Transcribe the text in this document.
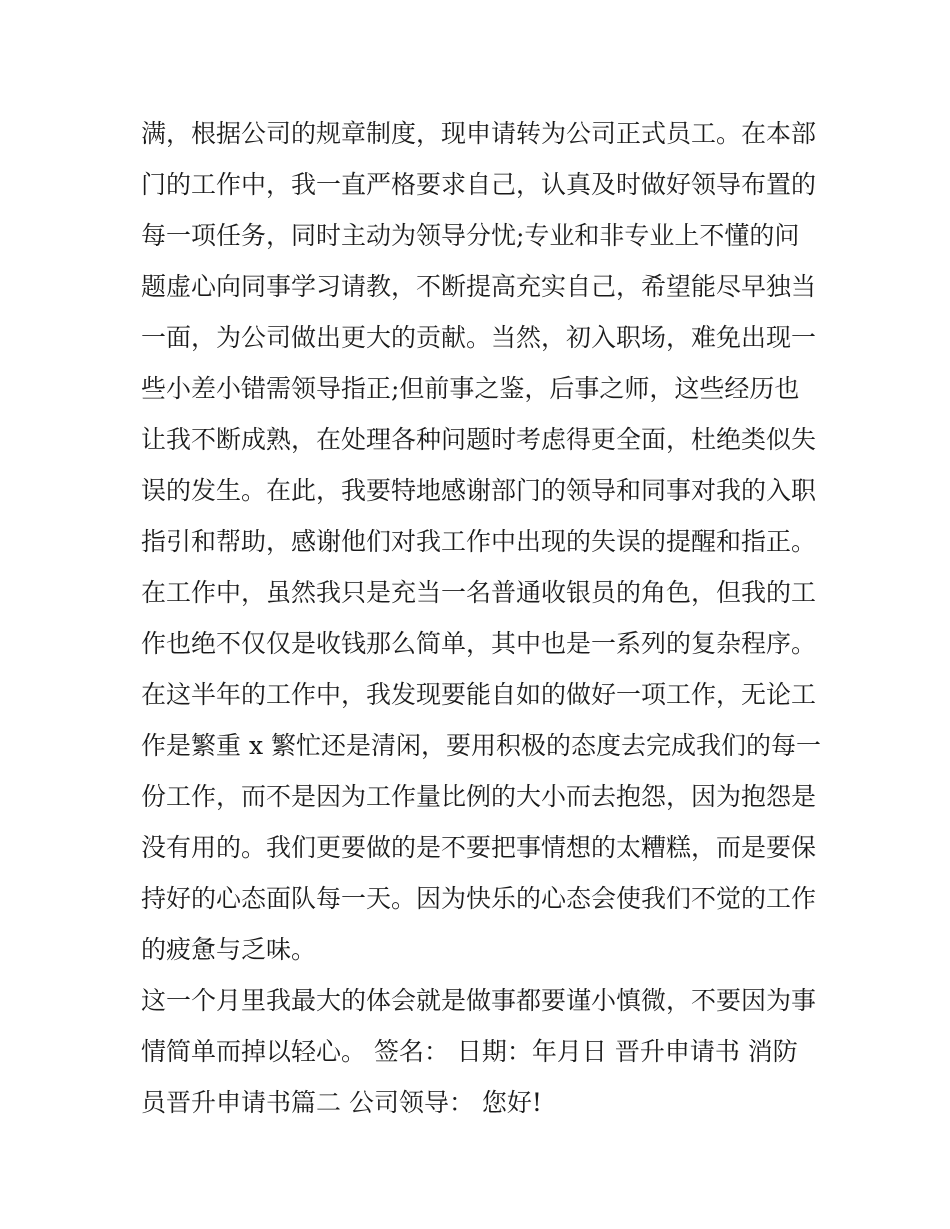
满，根据公司的规章制度，现申请转为公司正式员工。在本部
门的工作中，我一直严格要求自己，认真及时做好领导布置的
每一项任务，同时主动为领导分忧;专业和非专业上不懂的问
题虚心向同事学习请教，不断提高充实自己，希望能尽早独当
一面，为公司做出更大的贡献。当然，初入职场，难免出现一
些小差小错需领导指正;但前事之鉴，后事之师，这些经历也
让我不断成熟，在处理各种问题时考虑得更全面，杜绝类似失
误的发生。在此，我要特地感谢部门的领导和同事对我的入职
指引和帮助，感谢他们对我工作中出现的失误的提醒和指正。
在工作中，虽然我只是充当一名普通收银员的角色，但我的工
作也绝不仅仅是收钱那么简单，其中也是一系列的复杂程序。
在这半年的工作中，我发现要能自如的做好一项工作，无论工
作是繁重 x 繁忙还是清闲，要用积极的态度去完成我们的每一
份工作，而不是因为工作量比例的大小而去抱怨，因为抱怨是
没有用的。我们更要做的是不要把事情想的太糟糕，而是要保
持好的心态面队每一天。因为快乐的心态会使我们不觉的工作
的疲惫与乏味。
这一个月里我最大的体会就是做事都要谨小慎微，不要因为事
情简单而掉以轻心。 签名： 日期：年月日 晋升申请书 消防
员晋升申请书篇二 公司领导： 您好!
